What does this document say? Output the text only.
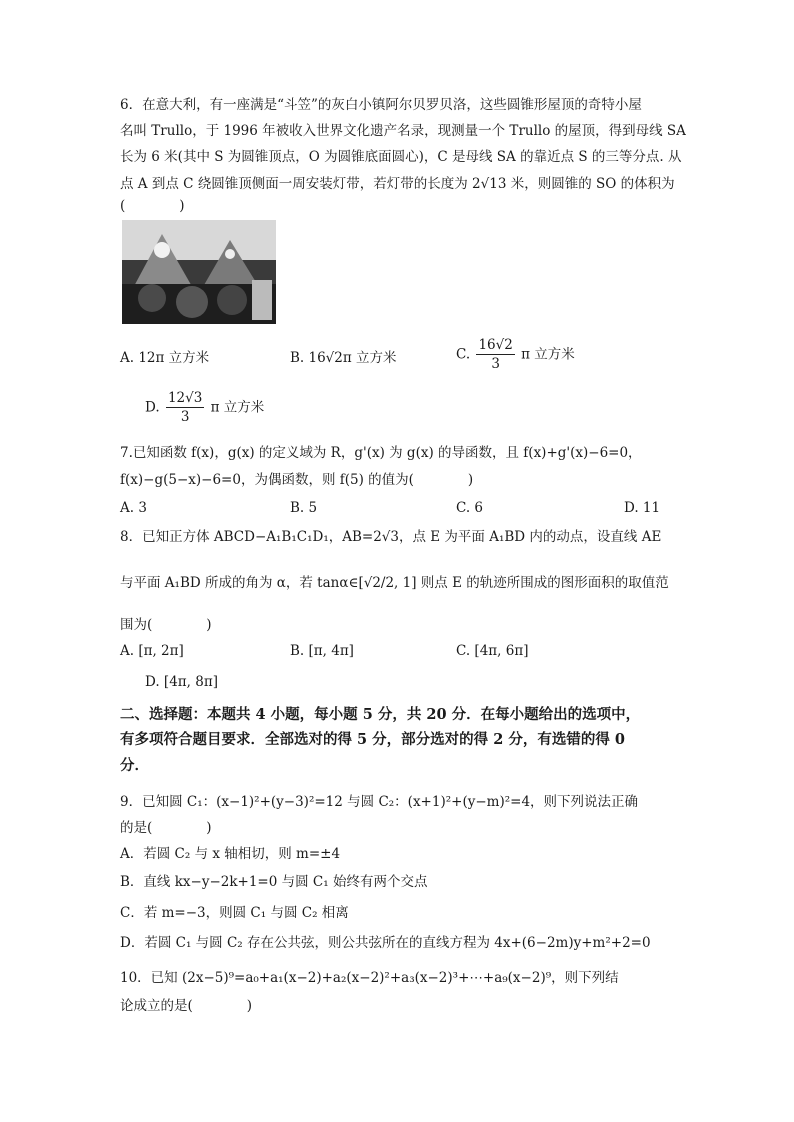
6．在意大利，有一座满是“斗笠”的灰白小镇阿尔贝罗贝洛，这些圆锥形屋顶的奇特小屋
名叫 Trullo，于 1996 年被收入世界文化遗产名录，现测量一个 Trullo 的屋顶，得到母线 SA
长为 6 米(其中 S 为圆锥顶点，O 为圆锥底面圆心)，C 是母线 SA 的靠近点 S 的三等分点. 从
点 A 到点 C 绕圆锥顶侧面一周安装灯带，若灯带的长度为 2√13 米，则圆锥的 SO 的体积为
(　　　　)
A. 12π 立方米	B. 16√2π 立方米	C. $\frac{16√2}{3}$ π 立方米
D. $\frac{12√3}{3}$ π 立方米
7.已知函数 f(x)，g(x) 的定义域为 R，g'(x) 为 g(x) 的导函数，且 f(x)+g'(x)−6=0，
f(x)−g(5−x)−6=0，为偶函数，则 f(5) 的值为(　　　　)
A. 3	B. 5	C. 6	D. 11
8．已知正方体 ABCD−A₁B₁C₁D₁，AB=2√3，点 E 为平面 A₁BD 内的动点，设直线 AE
与平面 A₁BD 所成的角为 α，若 tanα∈[√2/2, 1] 则点 E 的轨迹所围成的图形面积的取值范
围为(　　　　)
A. [π, 2π]	B. [π, 4π]	C. [4π, 6π]
D. [4π, 8π]
二、选择题：本题共 4 小题，每小题 5 分，共 20 分．在每小题给出的选项中，
有多项符合题目要求．全部选对的得 5 分，部分选对的得 2 分，有选错的得 0
分．
9．已知圆 C₁：(x−1)²+(y−3)²=12 与圆 C₂：(x+1)²+(y−m)²=4，则下列说法正确
的是(　　　　)
A．若圆 C₂ 与 x 轴相切，则 m=±4
B．直线 kx−y−2k+1=0 与圆 C₁ 始终有两个交点
C．若 m=−3，则圆 C₁ 与圆 C₂ 相离
D．若圆 C₁ 与圆 C₂ 存在公共弦，则公共弦所在的直线方程为 4x+(6−2m)y+m²+2=0
10．已知 (2x−5)⁹=a₀+a₁(x−2)+a₂(x−2)²+a₃(x−2)³+⋯+a₉(x−2)⁹，则下列结
论成立的是(　　　　)
